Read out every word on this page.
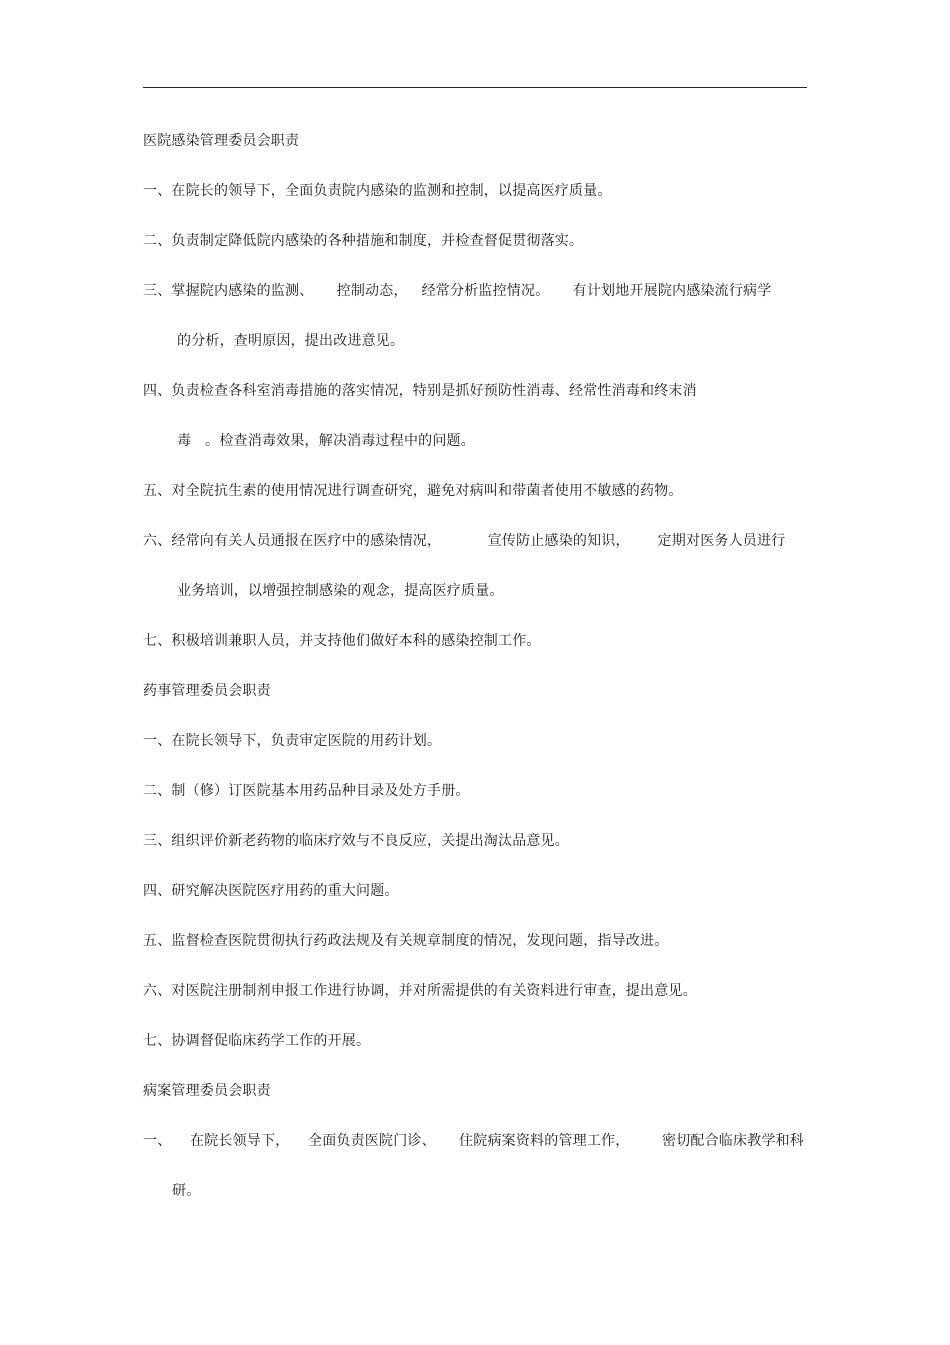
医院感染管理委员会职责
一、在院长的领导下，全面负责院内感染的监测和控制，以提高医疗质量。
二、负责制定降低院内感染的各种措施和制度，并检查督促贯彻落实。
三、掌握院内感染的监测、     控制动态，   经常分析监控情况。     有计划地开展院内感染流行病学
的分析，查明原因，提出改进意见。
四、负责检查各科室消毒措施的落实情况，特别是抓好预防性消毒、经常性消毒和终末消
毒   。检查消毒效果，解决消毒过程中的问题。
五、对全院抗生素的使用情况进行调查研究，避免对病叫和带菌者使用不敏感的药物。
六、经常向有关人员通报在医疗中的感染情况，          宣传防止感染的知识，      定期对医务人员进行
业务培训，以增强控制感染的观念，提高医疗质量。
七、积极培训兼职人员，并支持他们做好本科的感染控制工作。
药事管理委员会职责
一、在院长领导下，负责审定医院的用药计划。
二、制（修）订医院基本用药品种目录及处方手册。
三、组织评价新老药物的临床疗效与不良反应，关提出淘汰品意见。
四、研究解决医院医疗用药的重大问题。
五、监督检查医院贯彻执行药政法规及有关规章制度的情况，发现问题，指导改进。
六、对医院注册制剂申报工作进行协调，并对所需提供的有关资料进行审查，提出意见。
七、协调督促临床药学工作的开展。
病案管理委员会职责
一、    在院长领导下，    全面负责医院门诊、     住院病案资料的管理工作，       密切配合临床教学和科
研。
